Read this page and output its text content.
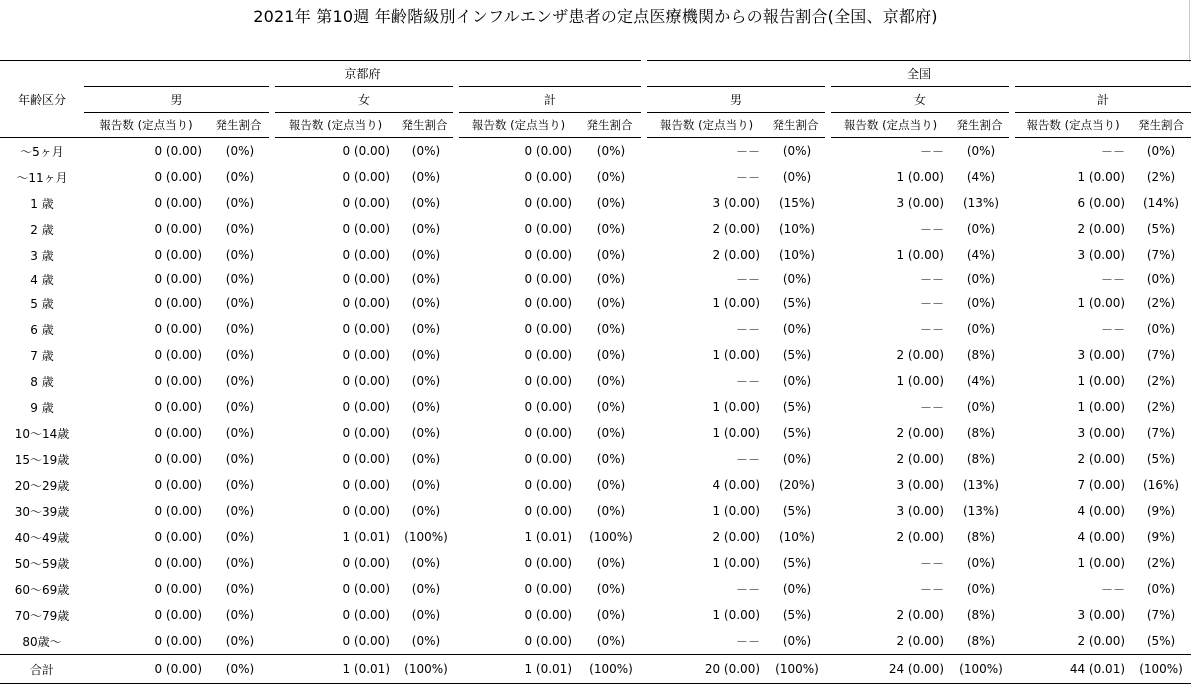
2021年 第10週 年齢階級別インフルエンザ患者の定点医療機関からの報告割合(全国、京都府)
	京都府						全国					
年齢区分	男		女		計		男		女		計	
	報告数 (定点当り)	発生割合	報告数 (定点当り)	発生割合	報告数 (定点当り)	発生割合	報告数 (定点当り)	発生割合	報告数 (定点当り)	発生割合	報告数 (定点当り)	発生割合
～5ヶ月	0 (0.00)	(0%)	0 (0.00)	(0%)	0 (0.00)	(0%)	－－	(0%)	－－	(0%)	－－	(0%)
～11ヶ月	0 (0.00)	(0%)	0 (0.00)	(0%)	0 (0.00)	(0%)	－－	(0%)	1 (0.00)	(4%)	1 (0.00)	(2%)
1 歳	0 (0.00)	(0%)	0 (0.00)	(0%)	0 (0.00)	(0%)	3 (0.00)	(15%)	3 (0.00)	(13%)	6 (0.00)	(14%)
2 歳	0 (0.00)	(0%)	0 (0.00)	(0%)	0 (0.00)	(0%)	2 (0.00)	(10%)	－－	(0%)	2 (0.00)	(5%)
3 歳	0 (0.00)	(0%)	0 (0.00)	(0%)	0 (0.00)	(0%)	2 (0.00)	(10%)	1 (0.00)	(4%)	3 (0.00)	(7%)
4 歳	0 (0.00)	(0%)	0 (0.00)	(0%)	0 (0.00)	(0%)	－－	(0%)	－－	(0%)	－－	(0%)
5 歳	0 (0.00)	(0%)	0 (0.00)	(0%)	0 (0.00)	(0%)	1 (0.00)	(5%)	－－	(0%)	1 (0.00)	(2%)
6 歳	0 (0.00)	(0%)	0 (0.00)	(0%)	0 (0.00)	(0%)	－－	(0%)	－－	(0%)	－－	(0%)
7 歳	0 (0.00)	(0%)	0 (0.00)	(0%)	0 (0.00)	(0%)	1 (0.00)	(5%)	2 (0.00)	(8%)	3 (0.00)	(7%)
8 歳	0 (0.00)	(0%)	0 (0.00)	(0%)	0 (0.00)	(0%)	－－	(0%)	1 (0.00)	(4%)	1 (0.00)	(2%)
9 歳	0 (0.00)	(0%)	0 (0.00)	(0%)	0 (0.00)	(0%)	1 (0.00)	(5%)	－－	(0%)	1 (0.00)	(2%)
10～14歳	0 (0.00)	(0%)	0 (0.00)	(0%)	0 (0.00)	(0%)	1 (0.00)	(5%)	2 (0.00)	(8%)	3 (0.00)	(7%)
15～19歳	0 (0.00)	(0%)	0 (0.00)	(0%)	0 (0.00)	(0%)	－－	(0%)	2 (0.00)	(8%)	2 (0.00)	(5%)
20～29歳	0 (0.00)	(0%)	0 (0.00)	(0%)	0 (0.00)	(0%)	4 (0.00)	(20%)	3 (0.00)	(13%)	7 (0.00)	(16%)
30～39歳	0 (0.00)	(0%)	0 (0.00)	(0%)	0 (0.00)	(0%)	1 (0.00)	(5%)	3 (0.00)	(13%)	4 (0.00)	(9%)
40～49歳	0 (0.00)	(0%)	1 (0.01)	(100%)	1 (0.01)	(100%)	2 (0.00)	(10%)	2 (0.00)	(8%)	4 (0.00)	(9%)
50～59歳	0 (0.00)	(0%)	0 (0.00)	(0%)	0 (0.00)	(0%)	1 (0.00)	(5%)	－－	(0%)	1 (0.00)	(2%)
60～69歳	0 (0.00)	(0%)	0 (0.00)	(0%)	0 (0.00)	(0%)	－－	(0%)	－－	(0%)	－－	(0%)
70～79歳	0 (0.00)	(0%)	0 (0.00)	(0%)	0 (0.00)	(0%)	1 (0.00)	(5%)	2 (0.00)	(8%)	3 (0.00)	(7%)
80歳～	0 (0.00)	(0%)	0 (0.00)	(0%)	0 (0.00)	(0%)	－－	(0%)	2 (0.00)	(8%)	2 (0.00)	(5%)
合計	0 (0.00)	(0%)	1 (0.01)	(100%)	1 (0.01)	(100%)	20 (0.00)	(100%)	24 (0.00)	(100%)	44 (0.01)	(100%)
